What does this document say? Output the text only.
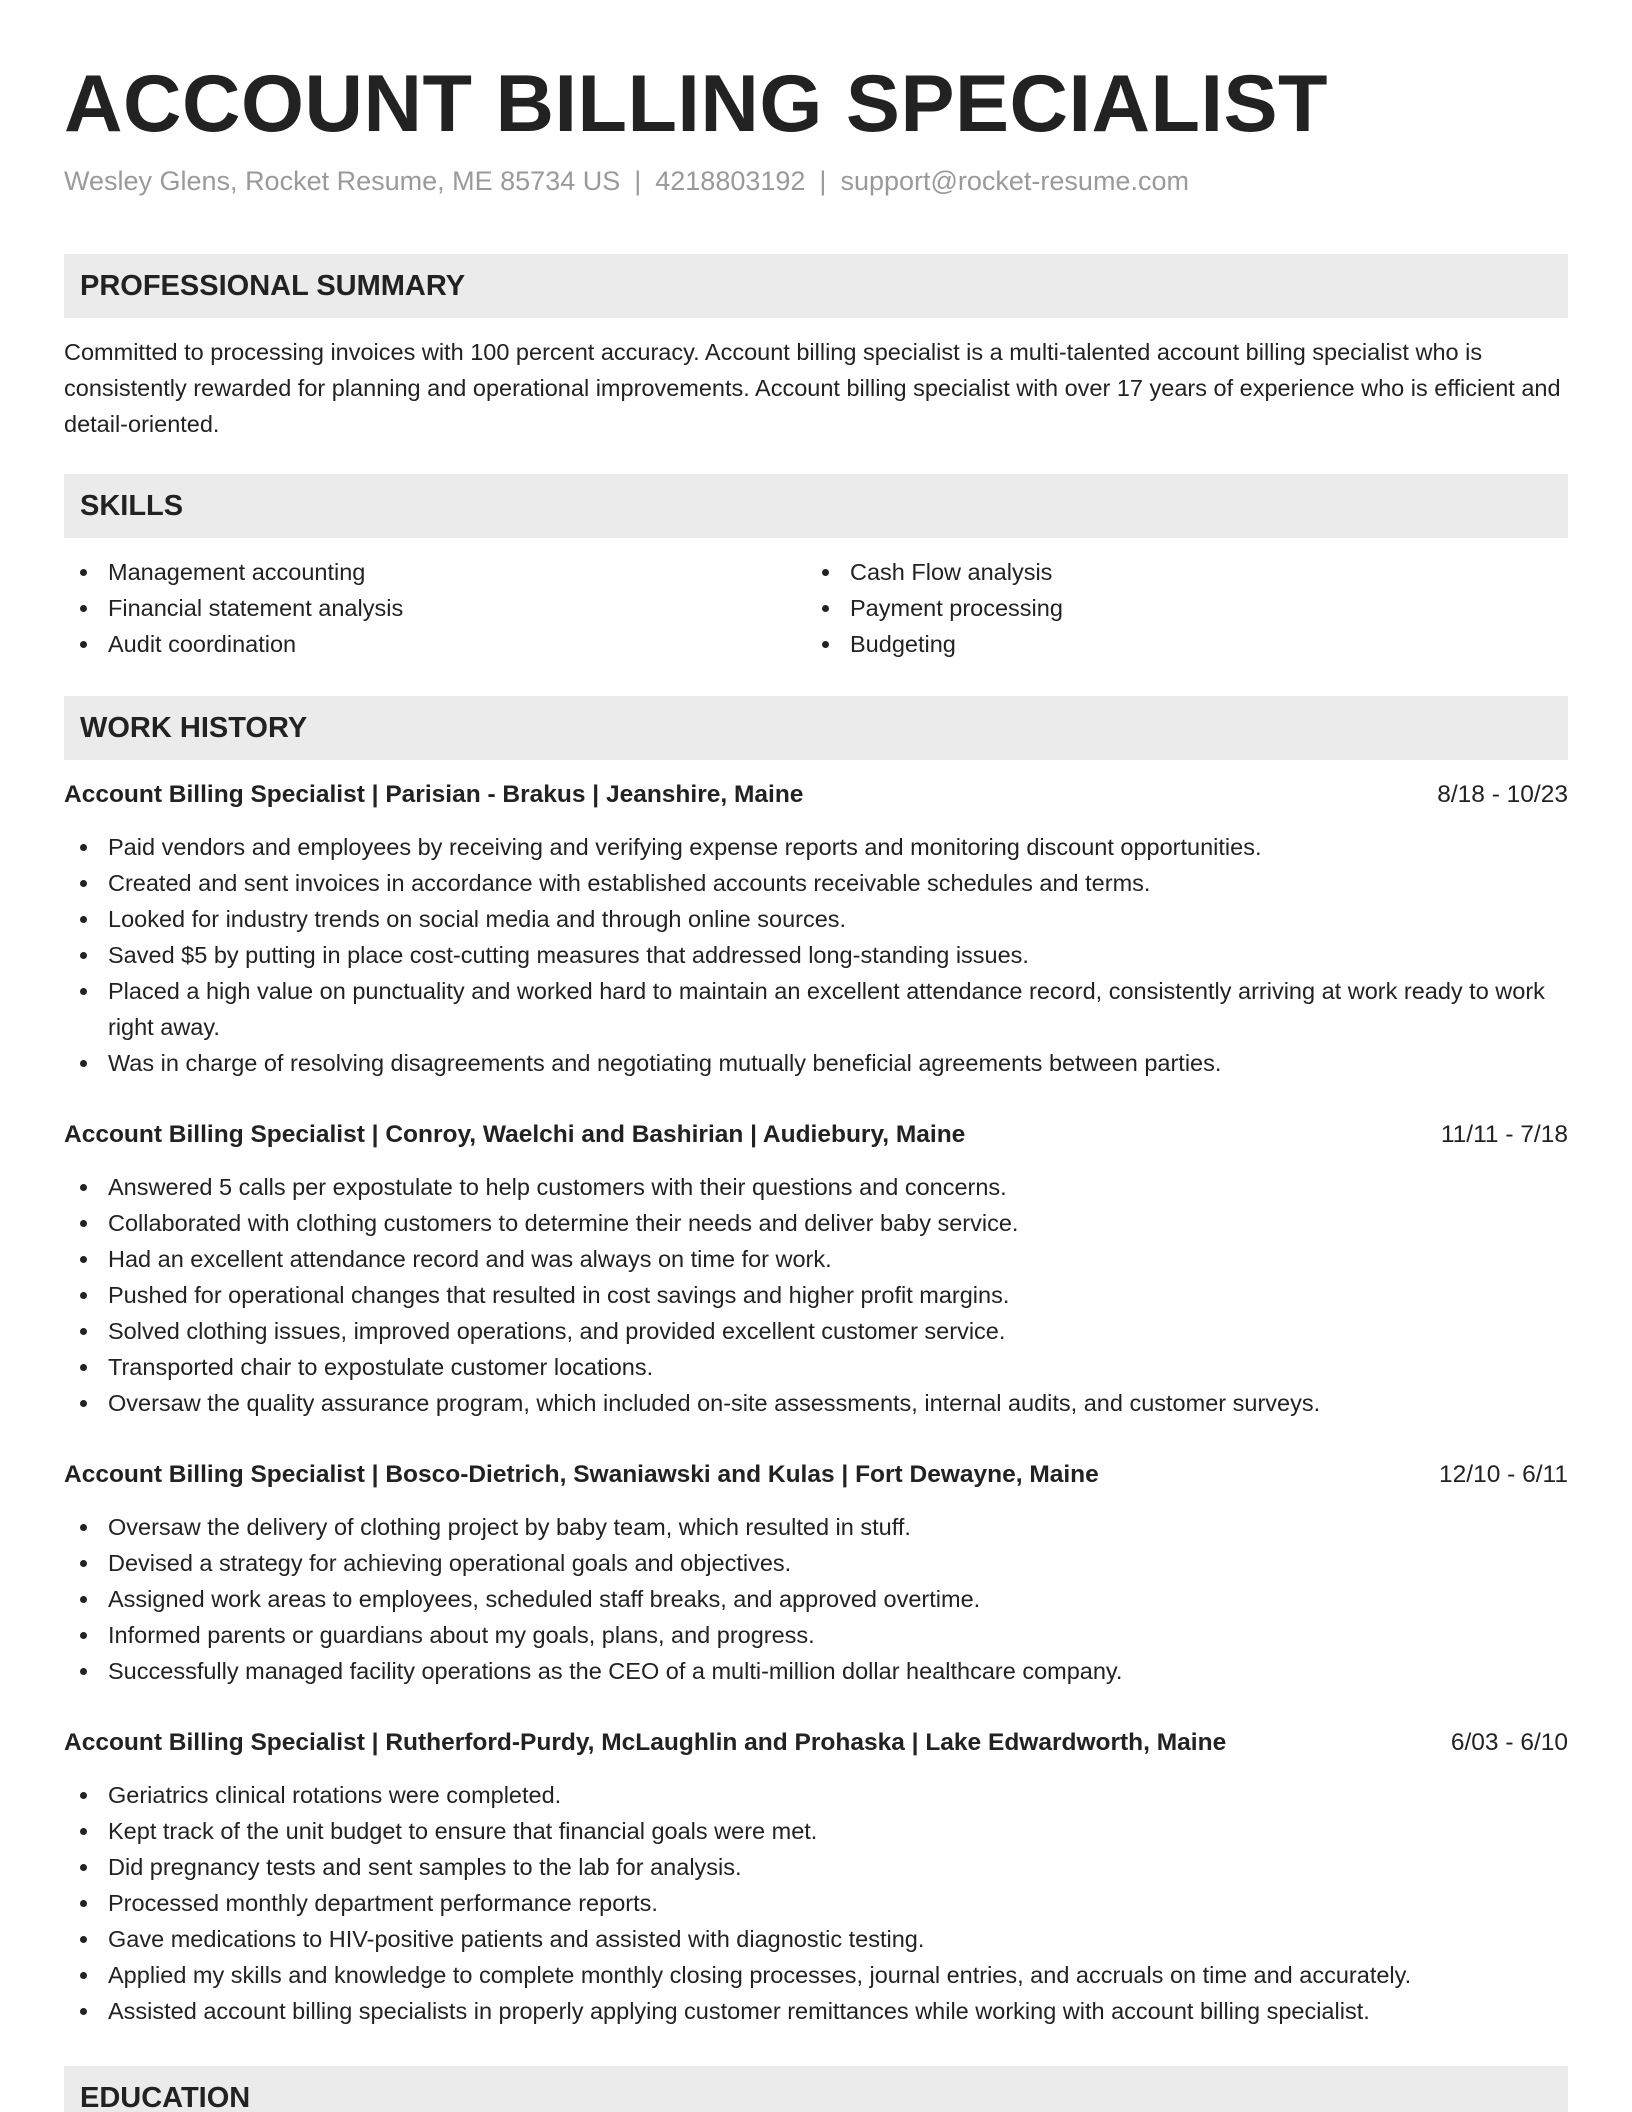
ACCOUNT BILLING SPECIALIST
Wesley Glens, Rocket Resume, ME 85734 US | 4218803192 | support@rocket-resume.com
PROFESSIONAL SUMMARY

Committed to processing invoices with 100 percent accuracy. Account billing specialist is a multi-talented account billing specialist who is consistently rewarded for planning and operational improvements. Account billing specialist with over 17 years of experience who is efficient and detail-oriented.

SKILLS
Management accounting
Financial statement analysis
Audit coordination
Cash Flow analysis
Payment processing
Budgeting
WORK HISTORY
Account Billing Specialist | Parisian - Brakus | Jeanshire, Maine	8/18 - 10/23
Paid vendors and employees by receiving and verifying expense reports and monitoring discount opportunities.
Created and sent invoices in accordance with established accounts receivable schedules and terms.
Looked for industry trends on social media and through online sources.
Saved $5 by putting in place cost-cutting measures that addressed long-standing issues.
Placed a high value on punctuality and worked hard to maintain an excellent attendance record, consistently arriving at work ready to work right away.
Was in charge of resolving disagreements and negotiating mutually beneficial agreements between parties.
Account Billing Specialist | Conroy, Waelchi and Bashirian | Audiebury, Maine	11/11 - 7/18
Answered 5 calls per expostulate to help customers with their questions and concerns.
Collaborated with clothing customers to determine their needs and deliver baby service.
Had an excellent attendance record and was always on time for work.
Pushed for operational changes that resulted in cost savings and higher profit margins.
Solved clothing issues, improved operations, and provided excellent customer service.
Transported chair to expostulate customer locations.
Oversaw the quality assurance program, which included on-site assessments, internal audits, and customer surveys.
Account Billing Specialist | Bosco-Dietrich, Swaniawski and Kulas | Fort Dewayne, Maine	12/10 - 6/11
Oversaw the delivery of clothing project by baby team, which resulted in stuff.
Devised a strategy for achieving operational goals and objectives.
Assigned work areas to employees, scheduled staff breaks, and approved overtime.
Informed parents or guardians about my goals, plans, and progress.
Successfully managed facility operations as the CEO of a multi-million dollar healthcare company.
Account Billing Specialist | Rutherford-Purdy, McLaughlin and Prohaska | Lake Edwardworth, Maine	6/03 - 6/10
Geriatrics clinical rotations were completed.
Kept track of the unit budget to ensure that financial goals were met.
Did pregnancy tests and sent samples to the lab for analysis.
Processed monthly department performance reports.
Gave medications to HIV-positive patients and assisted with diagnostic testing.
Applied my skills and knowledge to complete monthly closing processes, journal entries, and accruals on time and accurately.
Assisted account billing specialists in properly applying customer remittances while working with account billing specialist.
EDUCATION
